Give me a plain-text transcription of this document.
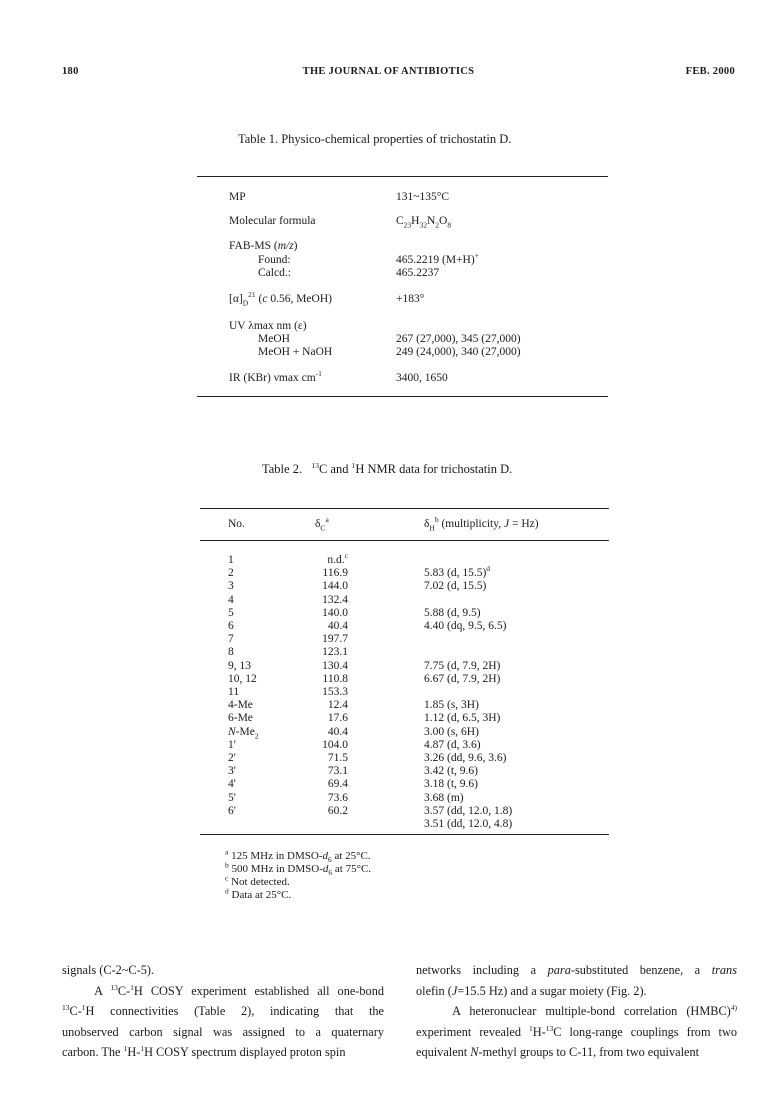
180	THE JOURNAL OF ANTIBIOTICS	FEB. 2000
Table 1. Physico-chemical properties of trichostatin D.
MP	131~135°C
Molecular formula	$C_{23}H_{32}N_2O_8$
FAB-MS (m/z)
Found:	465.2219 (M+H)+
Calcd.:	465.2237
$[\alpha]_D^{21}$ (c 0.56, MeOH)	+183°
UV λmax nm (ε)
MeOH	267 (27,000), 345 (27,000)
MeOH + NaOH	249 (24,000), 340 (27,000)
IR (KBr) νmax $cm^{-1}$	3400, 1650
Table 2.   $^{13}$C and $^1$H NMR data for trichostatin D.
No.	$\delta_C^a$	$\delta_H^b$ (multiplicity, J = Hz)
1	n.d.$^c$
2	116.9	5.83 (d, 15.5)$^d$
3	144.0	7.02 (d, 15.5)
4	132.4
5	140.0	5.88 (d, 9.5)
6	40.4	4.40 (dq, 9.5, 6.5)
7	197.7
8	123.1
9, 13	130.4	7.75 (d, 7.9, 2H)
10, 12	110.8	6.67 (d, 7.9, 2H)
11	153.3
4-Me	12.4	1.85 (s, 3H)
6-Me	17.6	1.12 (d, 6.5, 3H)
$N-Me_2$	40.4	3.00 (s, 6H)
1'	104.0	4.87 (d, 3.6)
2'	71.5	3.26 (dd, 9.6, 3.6)
3'	73.1	3.42 (t, 9.6)
4'	69.4	3.18 (t, 9.6)
5'	73.6	3.68 (m)
6'	60.2	3.57 (dd, 12.0, 1.8)
3.51 (dd, 12.0, 4.8)
$^a$ 125 MHz in DMSO-$d_6$ at 25°C.
$^b$ 500 MHz in DMSO-$d_6$ at 75°C.
$^c$ Not detected.
$^d$ Data at 25°C.
signals (C-2~C-5).
A $^{13}$C-$^1$H COSY experiment established all one-bond
$^{13}$C-$^1$H connectivities (Table 2), indicating that the
unobserved carbon signal was assigned to a quaternary
carbon. The $^1$H-$^1$H COSY spectrum displayed proton spin
networks including a para-substituted benzene, a trans
olefin (J=15.5 Hz) and a sugar moiety (Fig. 2).
A heteronuclear multiple-bond correlation (HMBC)$^{4)}$
experiment revealed $^1$H-$^{13}$C long-range couplings from two
equivalent N-methyl groups to C-11, from two equivalent
